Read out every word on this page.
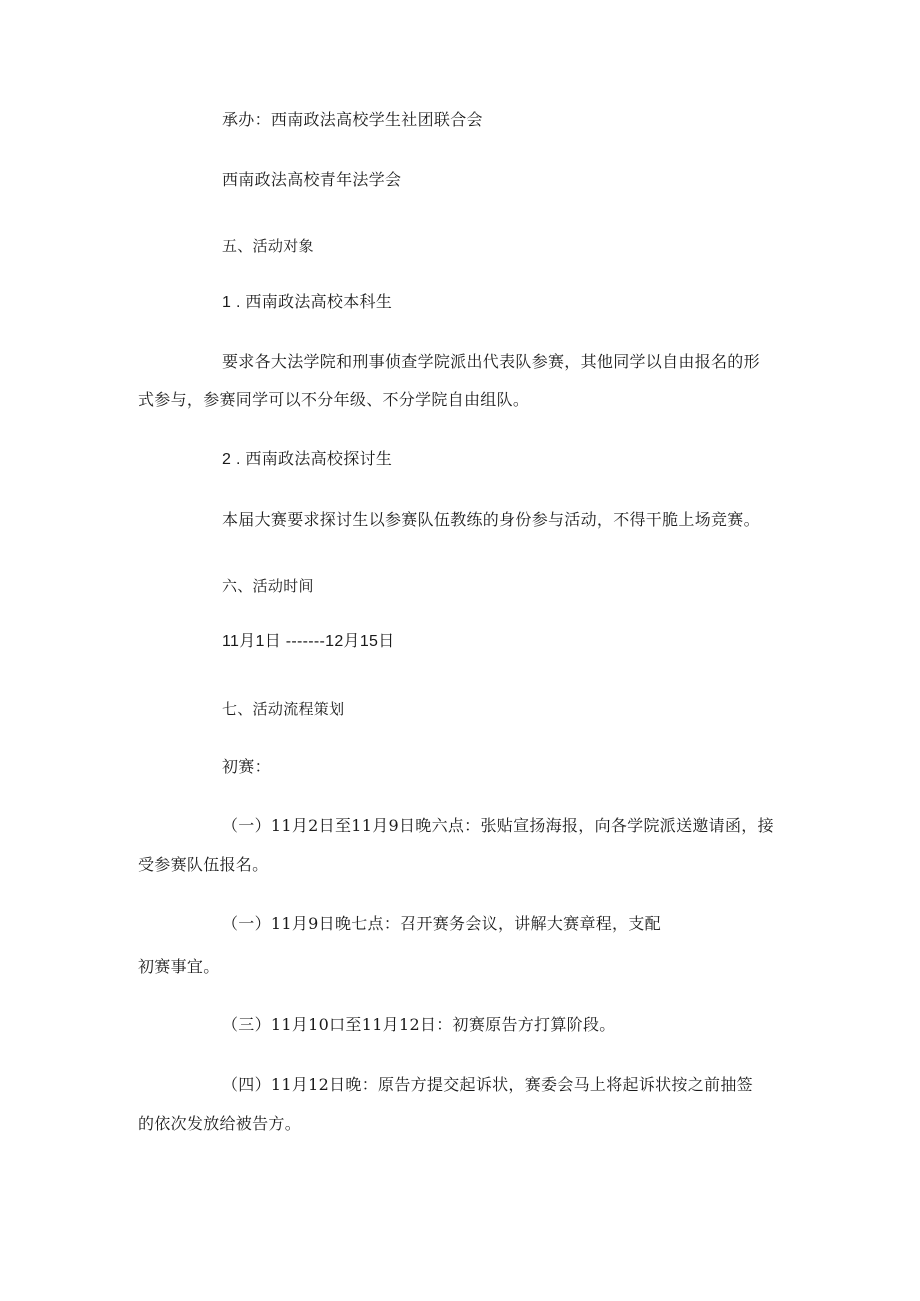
承办：西南政法高校学生社团联合会
西南政法高校青年法学会
五、活动对象
1 . 西南政法高校本科生
要求各大法学院和刑事侦查学院派出代表队参赛，其他同学以自由报名的形
式参与，参赛同学可以不分年级、不分学院自由组队。
2 . 西南政法高校探讨生
本届大赛要求探讨生以参赛队伍教练的身份参与活动，不得干脆上场竞赛。
六、活动时间
11月1日 -------12月15日
七、活动流程策划
初赛：
（一）11月2日至11月9日晚六点：张贴宣扬海报，向各学院派送邀请函，接
受参赛队伍报名。
（一）11月9日晚七点：召开赛务会议，讲解大赛章程，支配
初赛事宜。
（三）11月10口至11月12日：初赛原告方打算阶段。
（四）11月12日晚：原告方提交起诉状，赛委会马上将起诉状按之前抽签
的依次发放给被告方。
